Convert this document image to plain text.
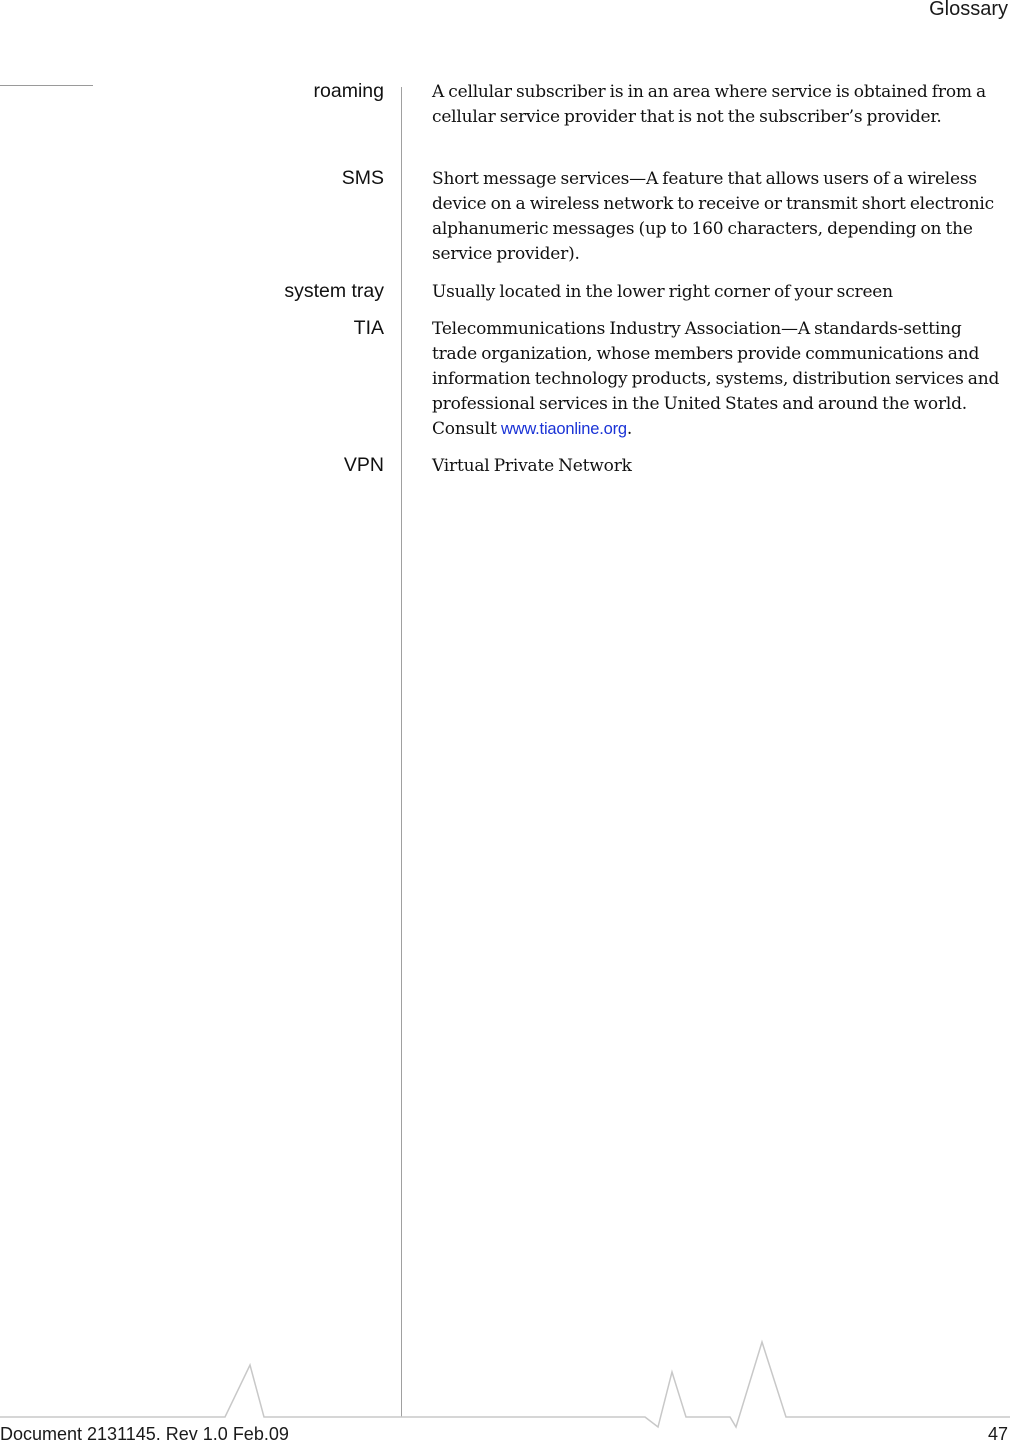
Glossary
roaming	A cellular subscriber is in an area where service is obtained from a cellular service provider that is not the subscriber’s provider.
SMS	Short message services—A feature that allows users of a wireless device on a wireless network to receive or transmit short electronic alphanumeric messages (up to 160 characters, depending on the service provider).
system tray	Usually located in the lower right corner of your screen
TIA	Telecommunications Industry Association—A standards-setting trade organization, whose members provide communications and information technology products, systems, distribution services and professional services in the United States and around the world. Consult www.tiaonline.org.
VPN	Virtual Private Network
Document 2131145. Rev 1.0 Feb.09	47
